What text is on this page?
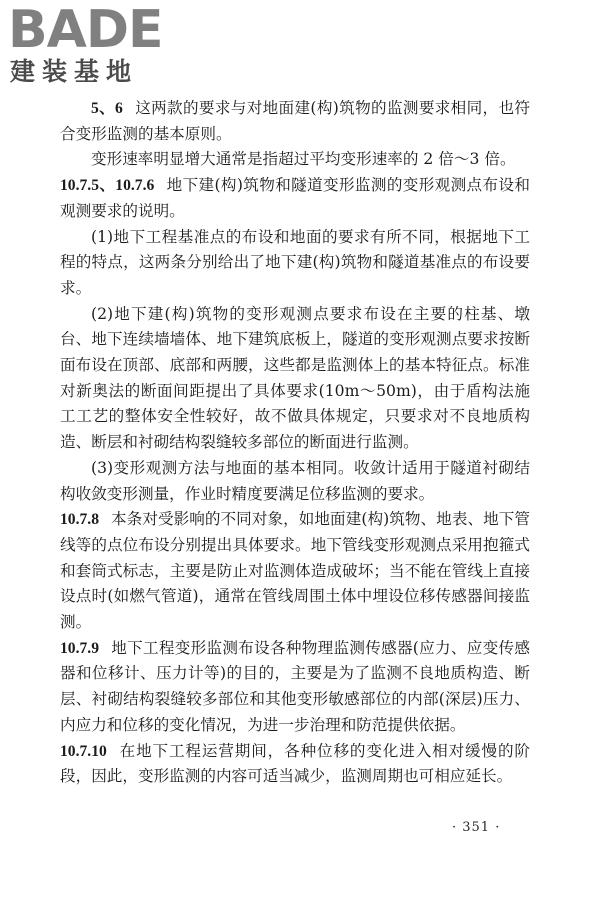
BADE
建装基地

5、6 这两款的要求与对地面建(构)筑物的监测要求相同，也符合变形监测的基本原则。

变形速率明显增大通常是指超过平均变形速率的 2 倍～3 倍。

10.7.5、10.7.6 地下建(构)筑物和隧道变形监测的变形观测点布设和观测要求的说明。

(1)地下工程基准点的布设和地面的要求有所不同，根据地下工程的特点，这两条分别给出了地下建(构)筑物和隧道基准点的布设要求。

(2)地下建(构)筑物的变形观测点要求布设在主要的柱基、墩台、地下连续墙墙体、地下建筑底板上，隧道的变形观测点要求按断面布设在顶部、底部和两腰，这些都是监测体上的基本特征点。标准对新奥法的断面间距提出了具体要求(10m～50m)，由于盾构法施工工艺的整体安全性较好，故不做具体规定，只要求对不良地质构造、断层和衬砌结构裂缝较多部位的断面进行监测。

(3)变形观测方法与地面的基本相同。收敛计适用于隧道衬砌结构收敛变形测量，作业时精度要满足位移监测的要求。

10.7.8 本条对受影响的不同对象，如地面建(构)筑物、地表、地下管线等的点位布设分别提出具体要求。地下管线变形观测点采用抱箍式和套筒式标志，主要是防止对监测体造成破坏；当不能在管线上直接设点时(如燃气管道)，通常在管线周围土体中埋设位移传感器间接监测。

10.7.9 地下工程变形监测布设各种物理监测传感器(应力、应变传感器和位移计、压力计等)的目的，主要是为了监测不良地质构造、断层、衬砌结构裂缝较多部位和其他变形敏感部位的内部(深层)压力、内应力和位移的变化情况，为进一步治理和防范提供依据。

10.7.10 在地下工程运营期间，各种位移的变化进入相对缓慢的阶段，因此，变形监测的内容可适当减少，监测周期也可相应延长。

· 351 ·
